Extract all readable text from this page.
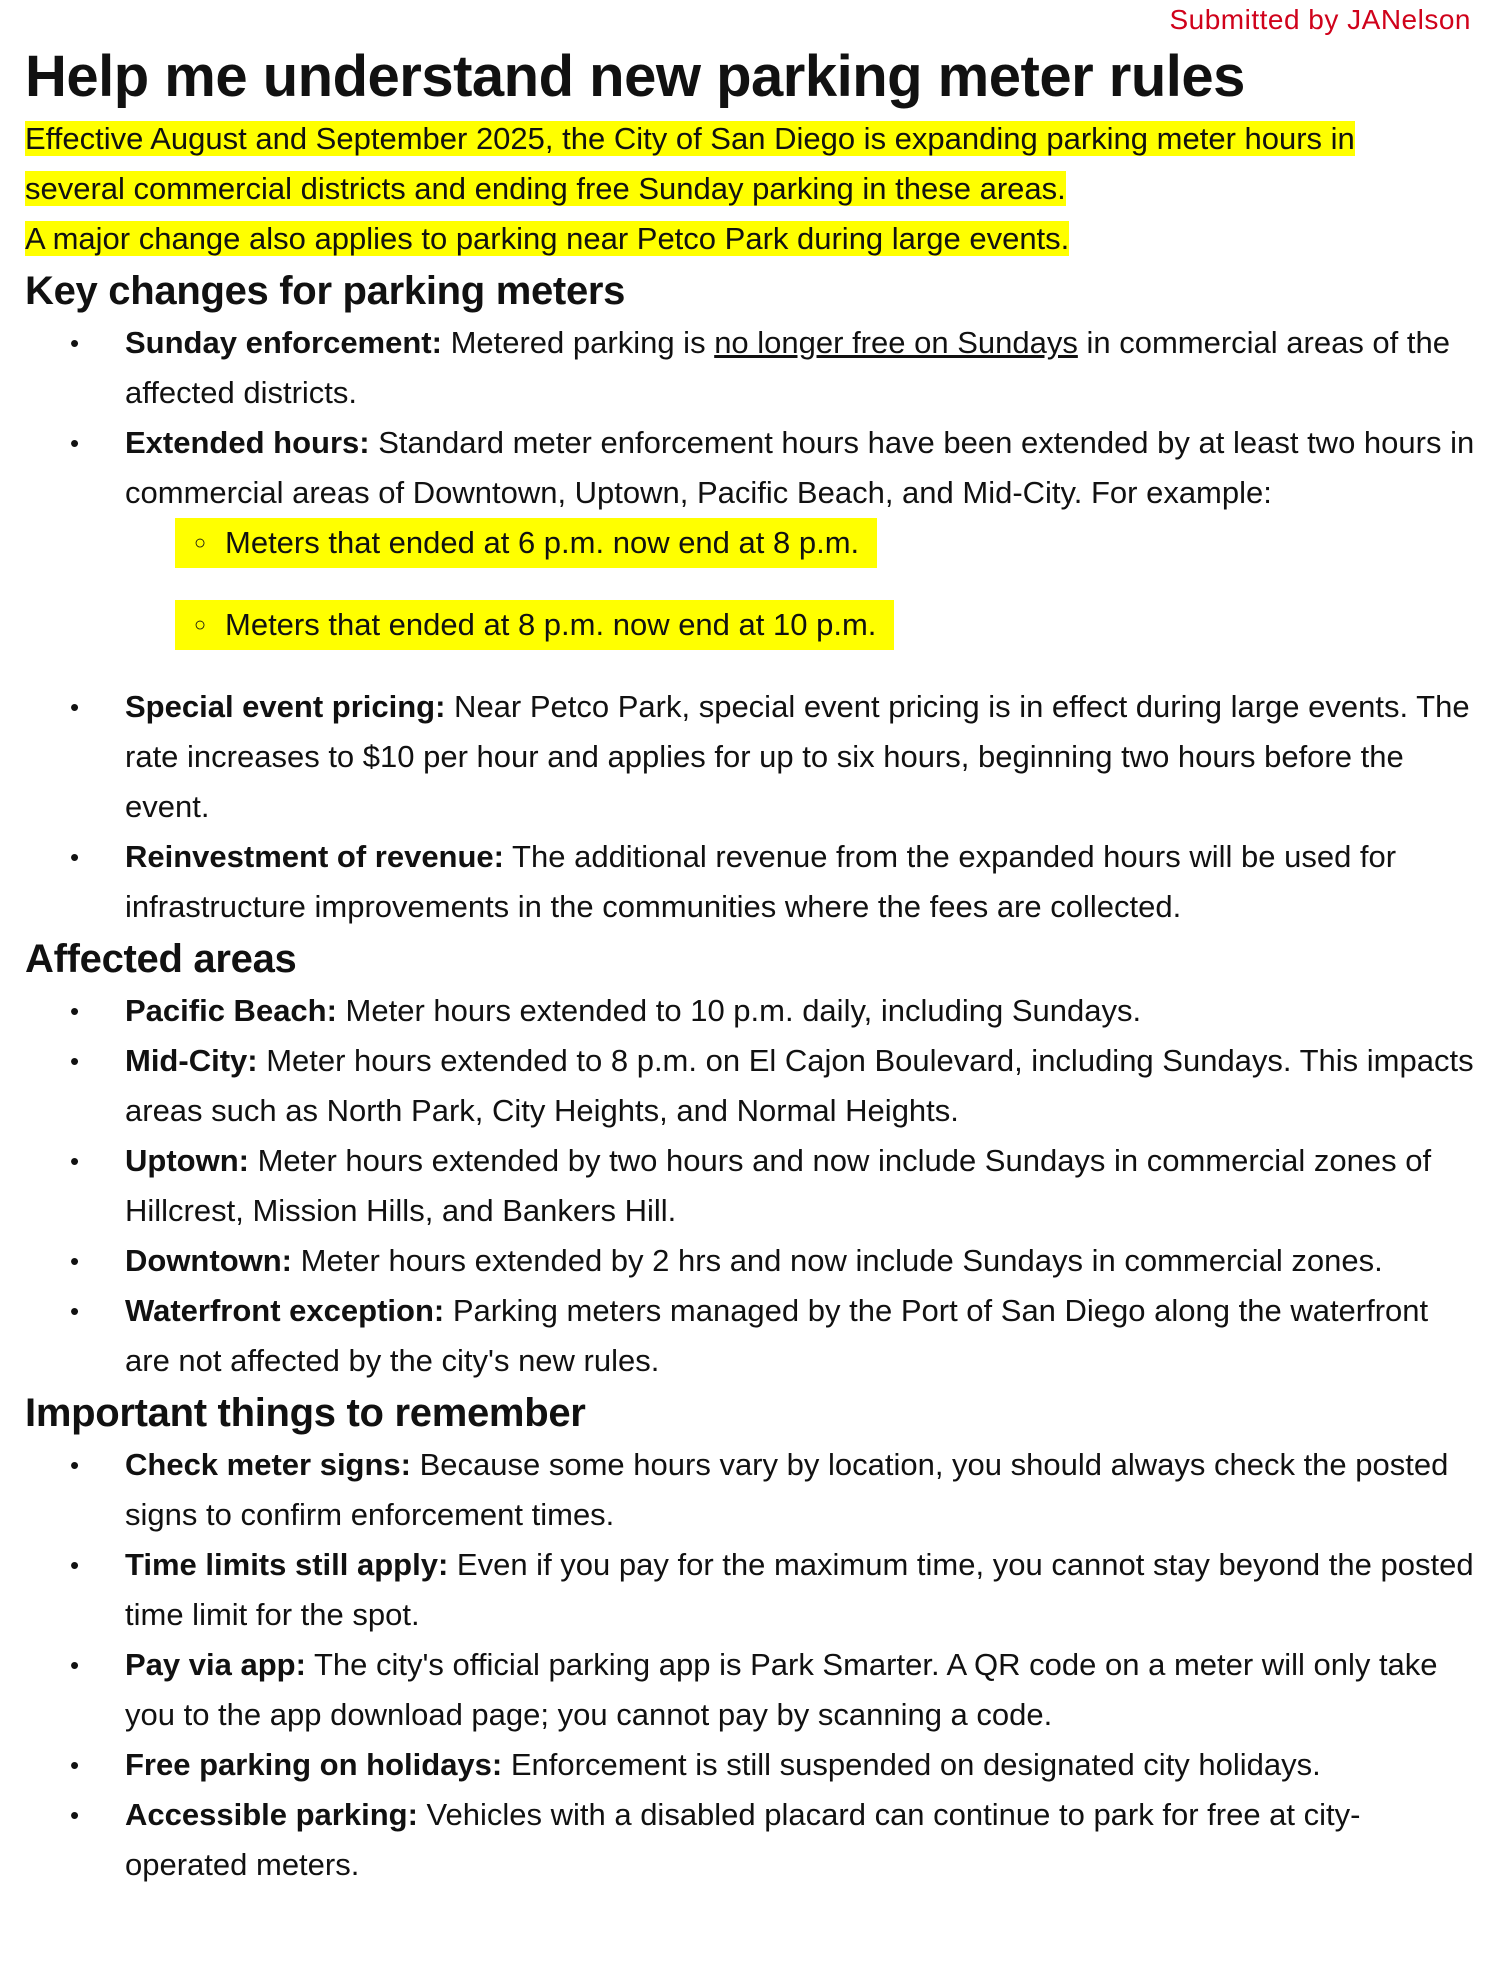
Submitted by JANelson
Help me understand new parking meter rules

Effective August and September 2025, the City of San Diego is expanding parking meter hours in

several commercial districts and ending free Sunday parking in these areas.

A major change also applies to parking near Petco Park during large events.

Key changes for parking meters
• Sunday enforcement: Metered parking is no longer free on Sundays in commercial areas of the affected districts.
• Extended hours: Standard meter enforcement hours have been extended by at least two hours in commercial areas of Downtown, Uptown, Pacific Beach, and Mid-City. For example:
○ Meters that ended at 6 p.m. now end at 8 p.m.
○ Meters that ended at 8 p.m. now end at 10 p.m.
• Special event pricing: Near Petco Park, special event pricing is in effect during large events. The rate increases to $10 per hour and applies for up to six hours, beginning two hours before the event.
• Reinvestment of revenue: The additional revenue from the expanded hours will be used for infrastructure improvements in the communities where the fees are collected.
Affected areas
• Pacific Beach: Meter hours extended to 10 p.m. daily, including Sundays.
• Mid-City: Meter hours extended to 8 p.m. on El Cajon Boulevard, including Sundays. This impacts areas such as North Park, City Heights, and Normal Heights.
• Uptown: Meter hours extended by two hours and now include Sundays in commercial zones of Hillcrest, Mission Hills, and Bankers Hill.
• Downtown: Meter hours extended by 2 hrs and now include Sundays in commercial zones.
• Waterfront exception: Parking meters managed by the Port of San Diego along the waterfront are not affected by the city's new rules.
Important things to remember
• Check meter signs: Because some hours vary by location, you should always check the posted signs to confirm enforcement times.
• Time limits still apply: Even if you pay for the maximum time, you cannot stay beyond the posted time limit for the spot.
• Pay via app: The city's official parking app is Park Smarter. A QR code on a meter will only take you to the app download page; you cannot pay by scanning a code.
• Free parking on holidays: Enforcement is still suspended on designated city holidays.
• Accessible parking: Vehicles with a disabled placard can continue to park for free at city-operated meters.
